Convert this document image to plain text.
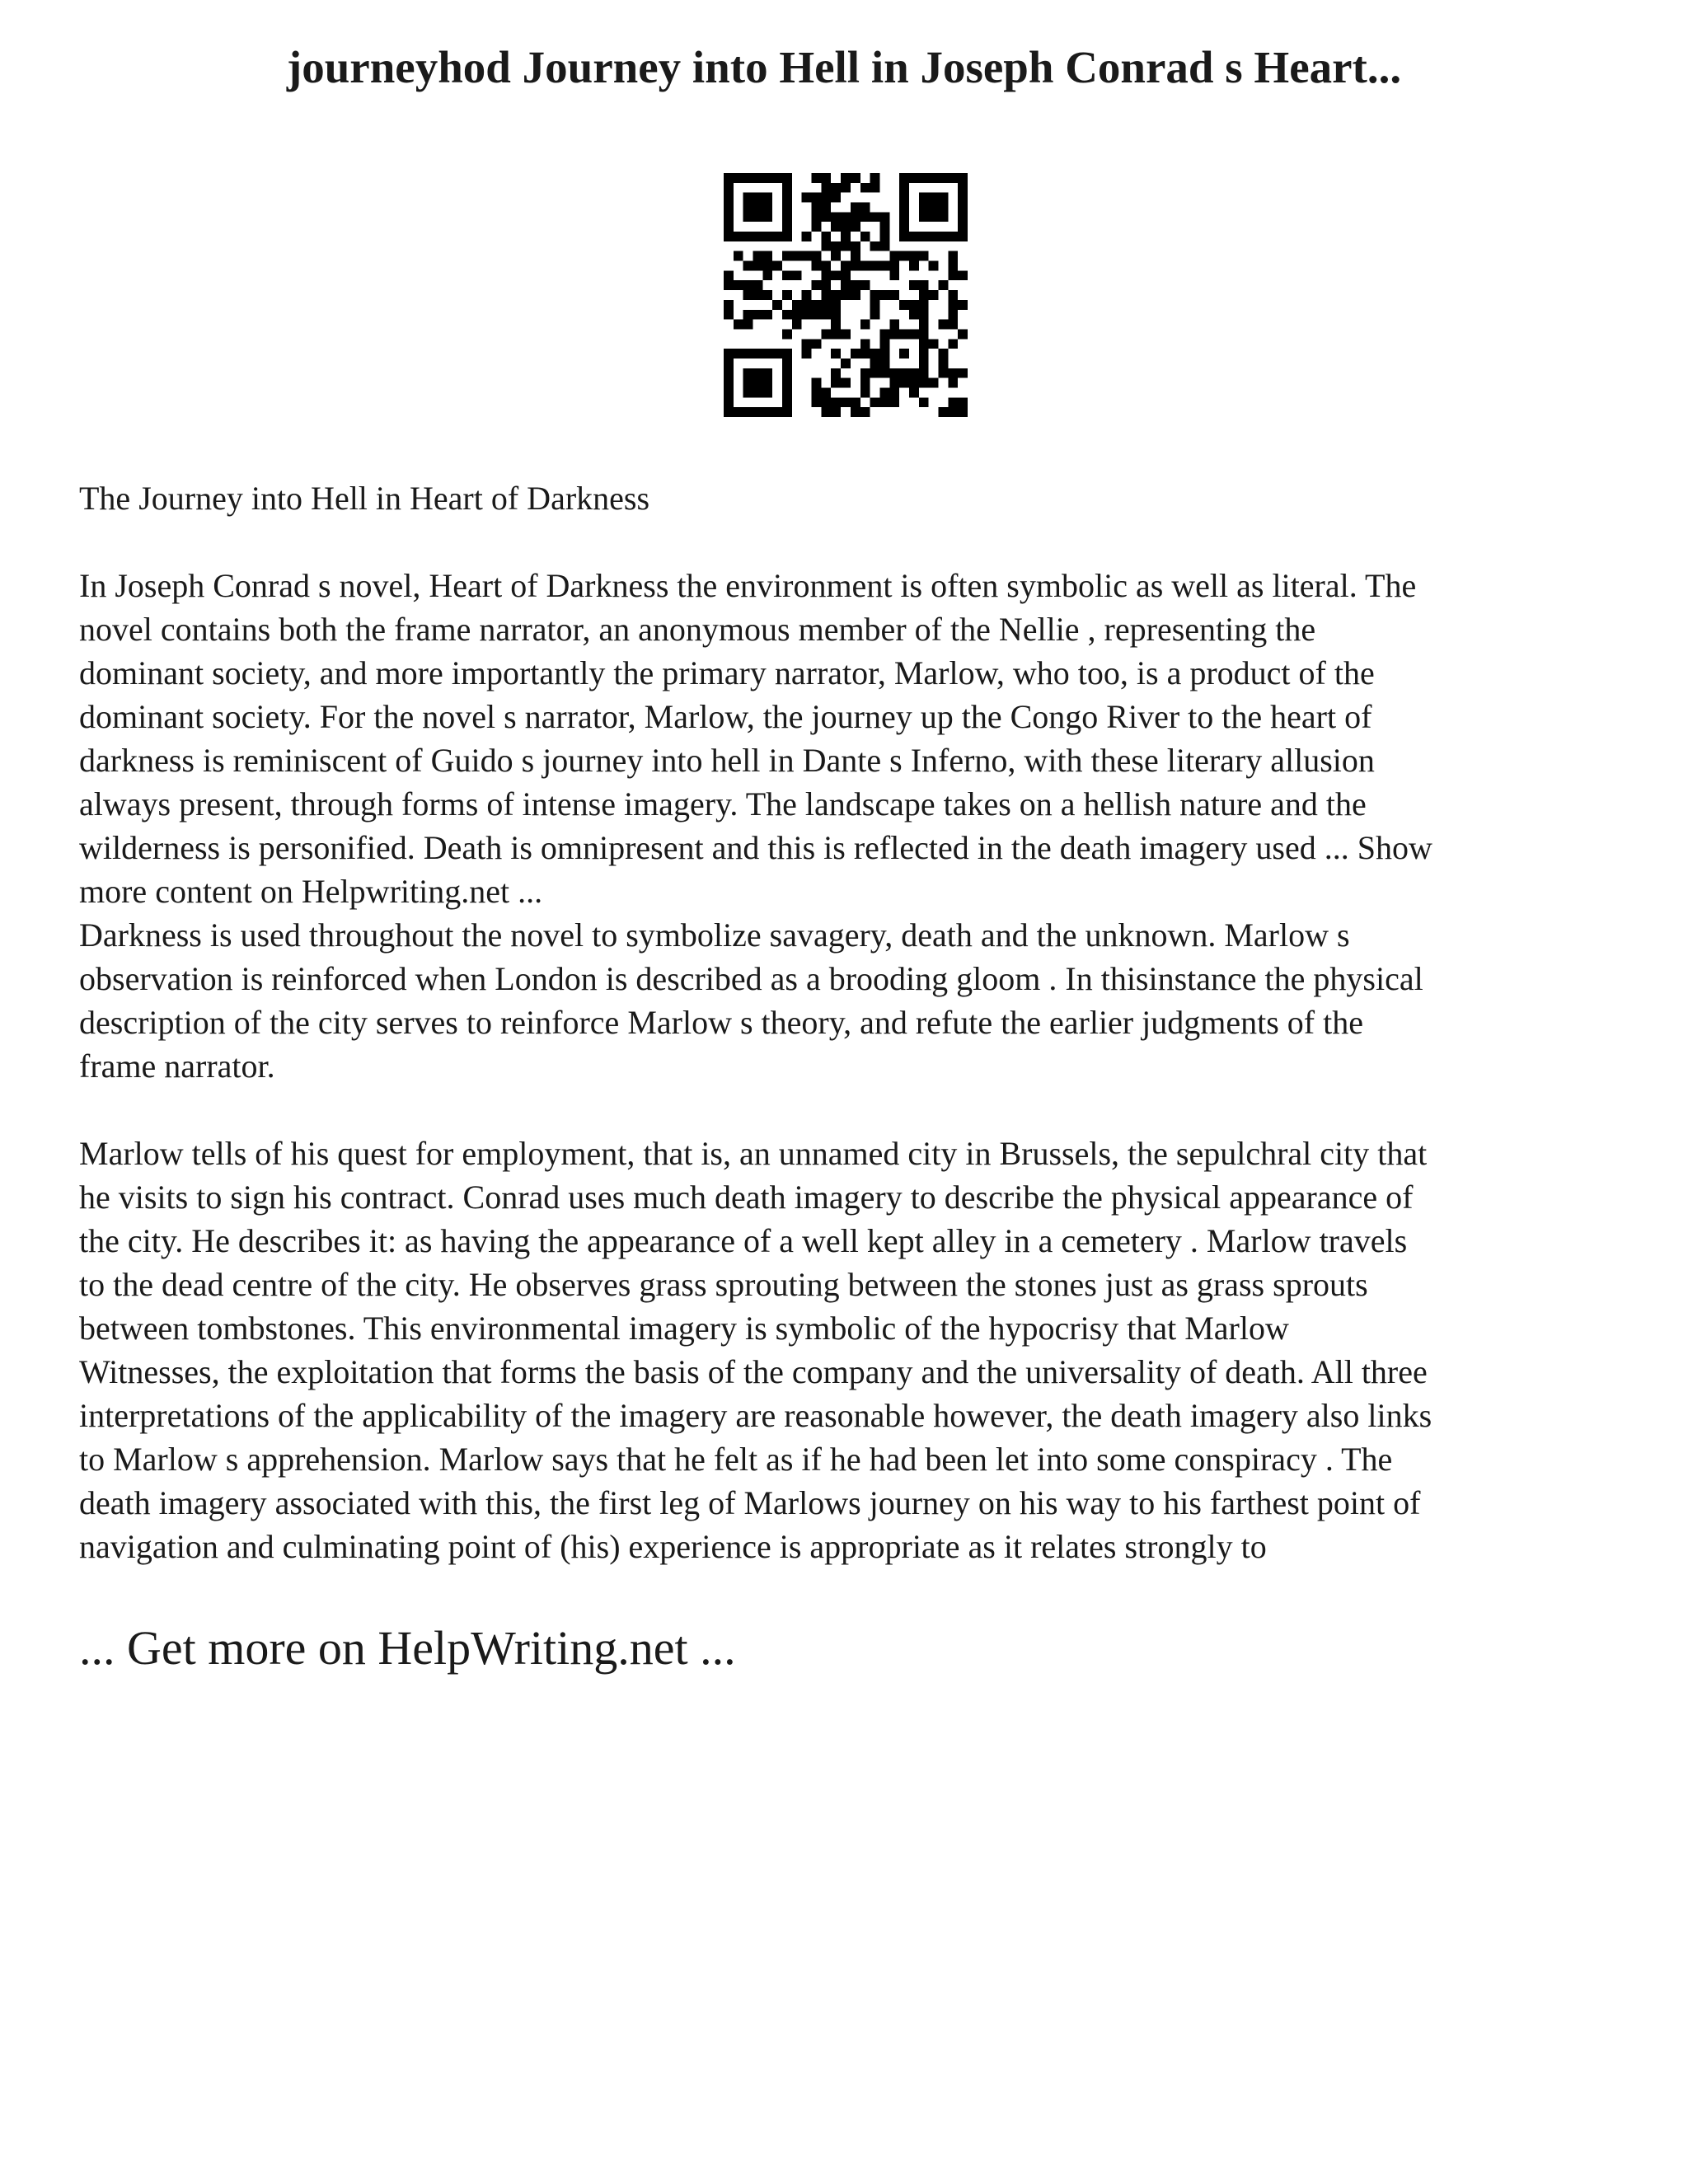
journeyhod Journey into Hell in Joseph Conrad s Heart...

The Journey into Hell in Heart of Darkness

In Joseph Conrad s novel, Heart of Darkness the environment is often symbolic as well as literal. The

novel contains both the frame narrator, an anonymous member of the Nellie , representing the

dominant society, and more importantly the primary narrator, Marlow, who too, is a product of the

dominant society. For the novel s narrator, Marlow, the journey up the Congo River to the heart of

darkness is reminiscent of Guido s journey into hell in Dante s Inferno, with these literary allusion

always present, through forms of intense imagery. The landscape takes on a hellish nature and the

wilderness is personified. Death is omnipresent and this is reflected in the death imagery used ... Show

more content on Helpwriting.net ...

Darkness is used throughout the novel to symbolize savagery, death and the unknown. Marlow s

observation is reinforced when London is described as a brooding gloom . In thisinstance the physical

description of the city serves to reinforce Marlow s theory, and refute the earlier judgments of the

frame narrator.

Marlow tells of his quest for employment, that is, an unnamed city in Brussels, the sepulchral city that

he visits to sign his contract. Conrad uses much death imagery to describe the physical appearance of

the city. He describes it: as having the appearance of a well kept alley in a cemetery . Marlow travels

to the dead centre of the city. He observes grass sprouting between the stones just as grass sprouts

between tombstones. This environmental imagery is symbolic of the hypocrisy that Marlow

Witnesses, the exploitation that forms the basis of the company and the universality of death. All three

interpretations of the applicability of the imagery are reasonable however, the death imagery also links

to Marlow s apprehension. Marlow says that he felt as if he had been let into some conspiracy . The

death imagery associated with this, the first leg of Marlows journey on his way to his farthest point of

navigation and culminating point of (his) experience is appropriate as it relates strongly to

... Get more on HelpWriting.net ...
